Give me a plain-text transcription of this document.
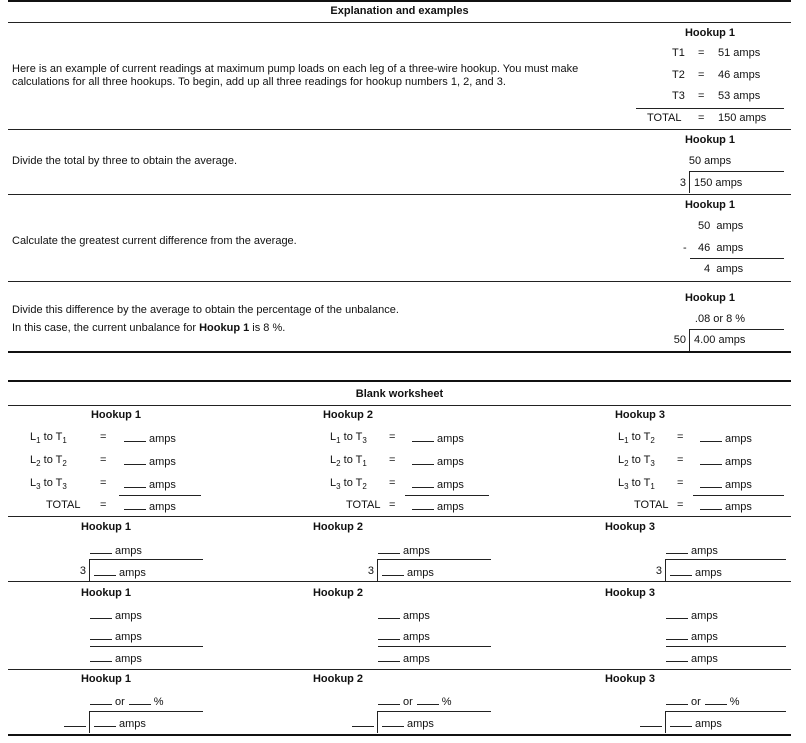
Explanation and examples
Here is an example of current readings at maximum pump loads on each leg of a three-wire hookup. You must make calculations for all three hookups. To begin, add up all three readings for hookup numbers 1, 2, and 3.
Hookup 1
T1 = 51 amps
T2 = 46 amps
T3 = 53 amps
TOTAL = 150 amps
Divide the total by three to obtain the average.
Hookup 1
50 amps
3 150 amps
Calculate the greatest current difference from the average.
Hookup 1
50  amps
- 46  amps
4  amps
Divide this difference by the average to obtain the percentage of the unbalance.
In this case, the current unbalance for Hookup 1 is 8 %.
Hookup 1
.08 or 8 %
50 4.00 amps
Blank worksheet
Hookup 1
$L_1$ to $T_1$	=	amps
$L_2$ to $T_2$	=	amps
$L_3$ to $T_3$	=	amps
TOTAL =	amps
Hookup 1
amps
3	amps
Hookup 1
amps
amps
amps
Hookup 1
or	%
amps
Hookup 2
$L_1$ to $T_3$ =	amps
$L_2$ to $T_1$ =	amps
$L_3$ to $T_2$ =	amps
TOTAL =	amps
Hookup 2
amps
3	amps
Hookup 2
amps
amps
amps
Hookup 2
or	%
amps
Hookup 3
$L_1$ to $T_2$ =	amps
$L_2$ to $T_3$ =	amps
$L_3$ to $T_1$ =	amps
TOTAL =	amps
Hookup 3
amps
3	amps
Hookup 3
amps
amps
amps
Hookup 3
or	%
amps
